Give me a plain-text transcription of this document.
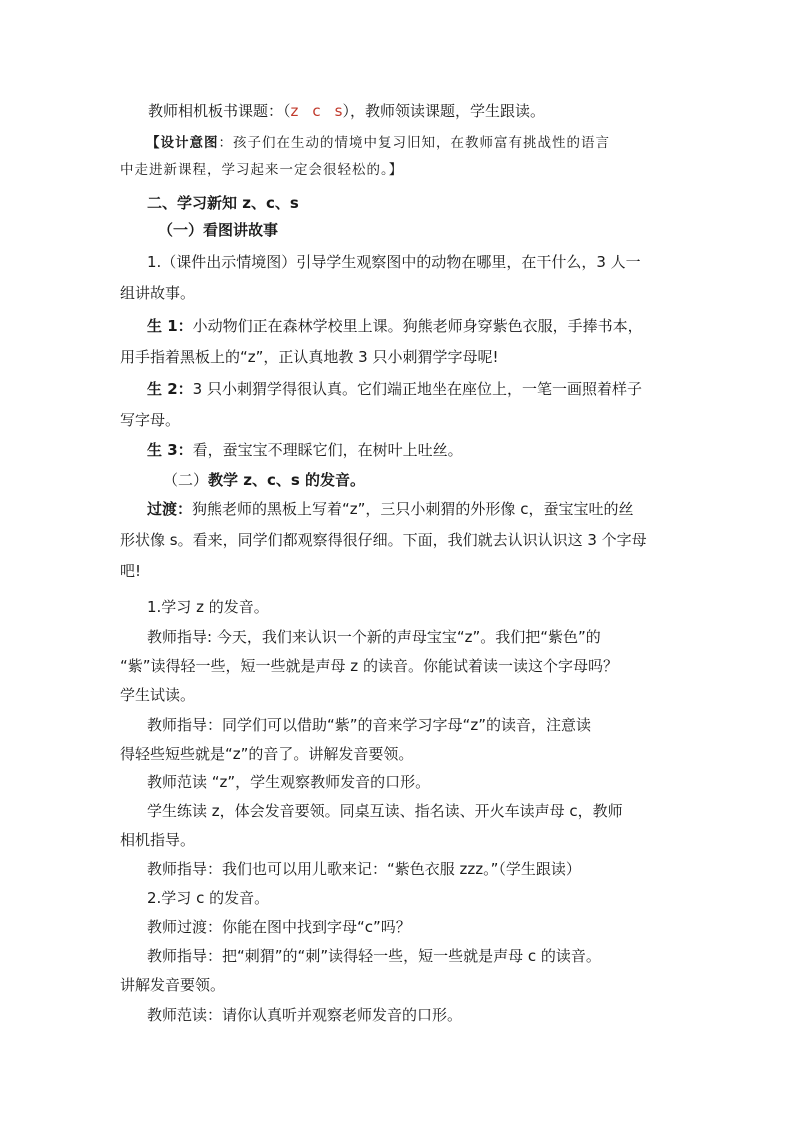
教师相机板书课题：（z c s），教师领读课题，学生跟读。
【设计意图：孩子们在生动的情境中复习旧知，在教师富有挑战性的语言
中走进新课程，学习起来一定会很轻松的。】
二、学习新知 z、c、s
（一）看图讲故事
1.（课件出示情境图）引导学生观察图中的动物在哪里，在干什么，3 人一
组讲故事。
生 1：小动物们正在森林学校里上课。狗熊老师身穿紫色衣服，手捧书本，
用手指着黑板上的“z”，正认真地教 3 只小刺猬学字母呢!
生 2：3 只小刺猬学得很认真。它们端正地坐在座位上，一笔一画照着样子
写字母。
生 3：看，蚕宝宝不理睬它们，在树叶上吐丝。
（二）教学 z、c、s 的发音。
过渡：狗熊老师的黑板上写着“z”，三只小刺猬的外形像 c，蚕宝宝吐的丝
形状像 s。看来，同学们都观察得很仔细。下面，我们就去认识认识这 3 个字母
吧!
1.学习 z 的发音。
教师指导: 今天，我们来认识一个新的声母宝宝“z”。我们把“紫色”的
“紫”读得轻一些，短一些就是声母 z 的读音。你能试着读一读这个字母吗？
学生试读。
教师指导：同学们可以借助“紫”的音来学习字母“z”的读音，注意读
得轻些短些就是“z”的音了。讲解发音要领。
教师范读 “z”，学生观察教师发音的口形。
学生练读 z，体会发音要领。同桌互读、指名读、开火车读声母 c，教师
相机指导。
教师指导：我们也可以用儿歌来记：“紫色衣服 zzz。”（学生跟读）
2.学习 c 的发音。
教师过渡：你能在图中找到字母“c”吗？
教师指导：把“刺猬”的“刺”读得轻一些，短一些就是声母 c 的读音。
讲解发音要领。
教师范读：请你认真听并观察老师发音的口形。
